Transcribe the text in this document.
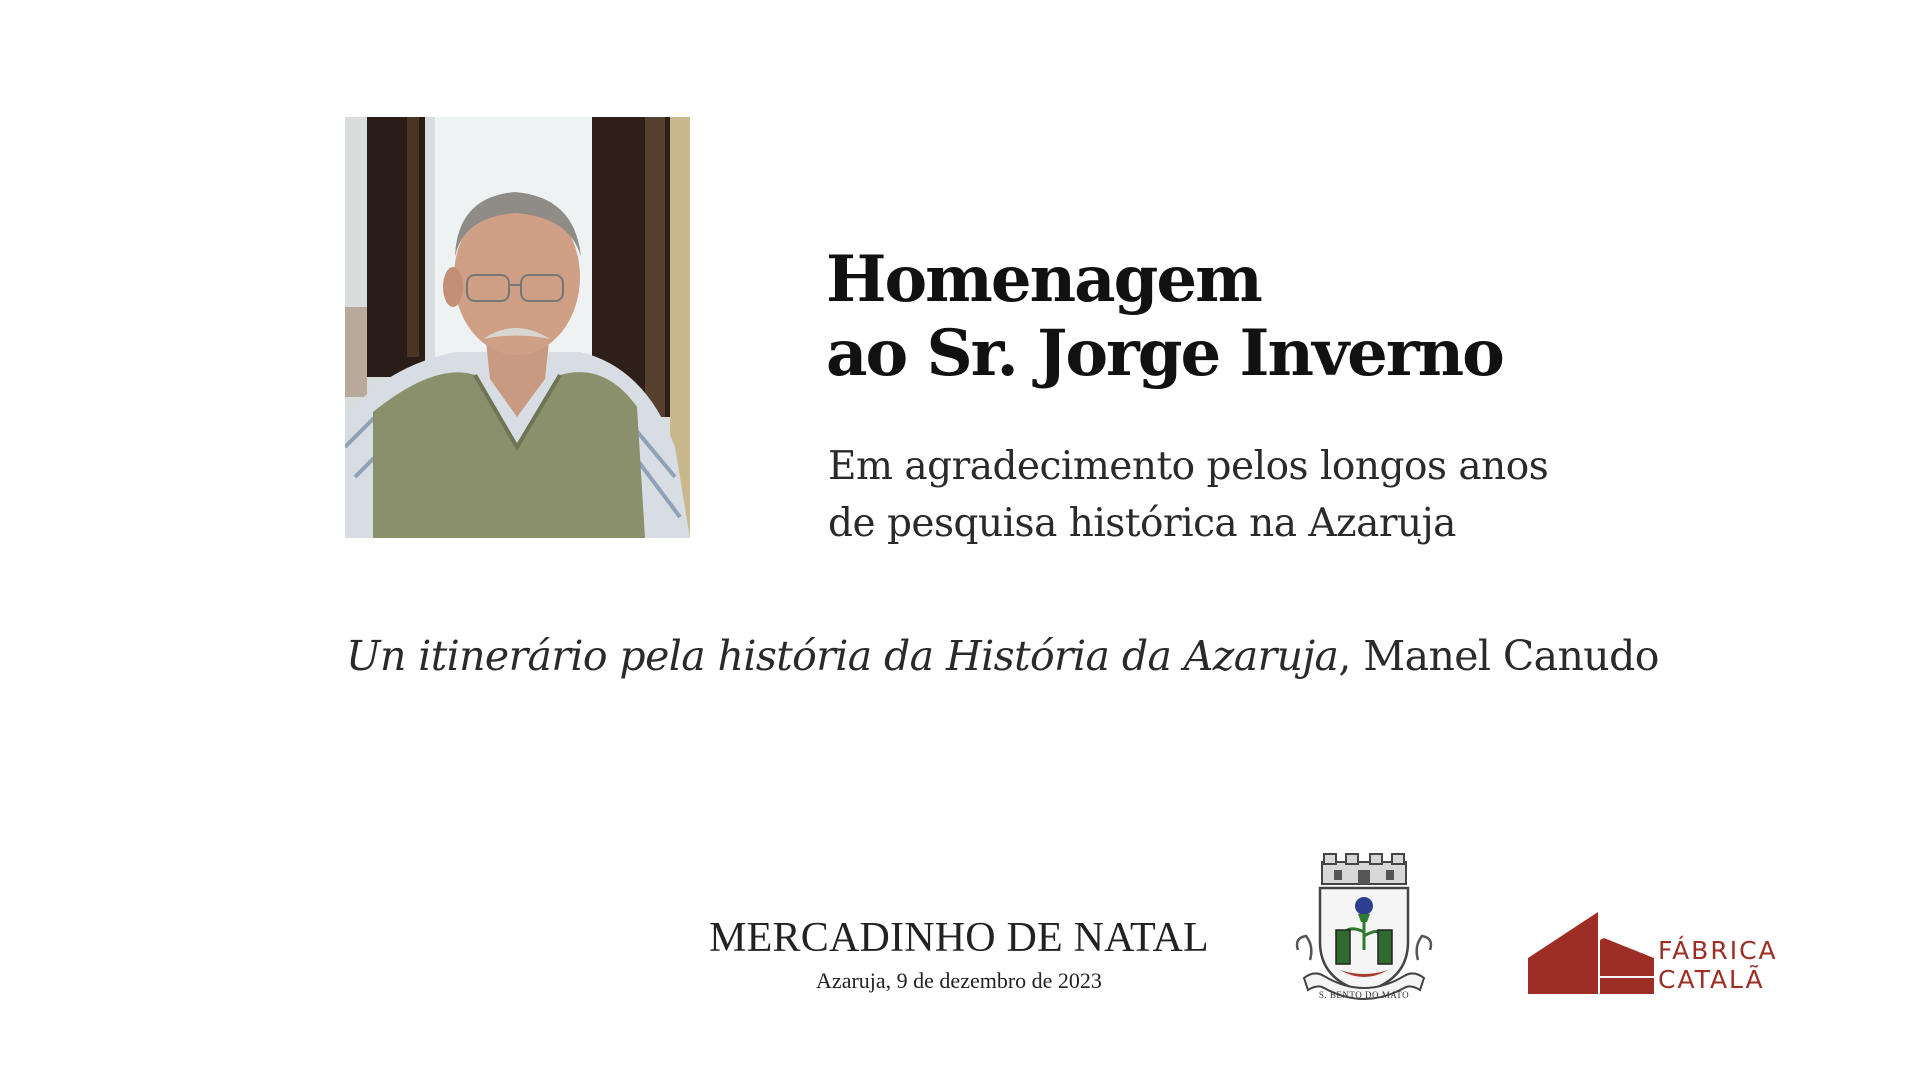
Homenagem
ao Sr. Jorge Inverno

Em agradecimento pelos longos anos
de pesquisa histórica na Azaruja

Un itinerário pela história da História da Azaruja, Manel Canudo

MERCADINHO DE NATAL
Azaruja, 9 de dezembro de 2023
S. BENTO DO MATO
FÁBRICA
CATALÃ
